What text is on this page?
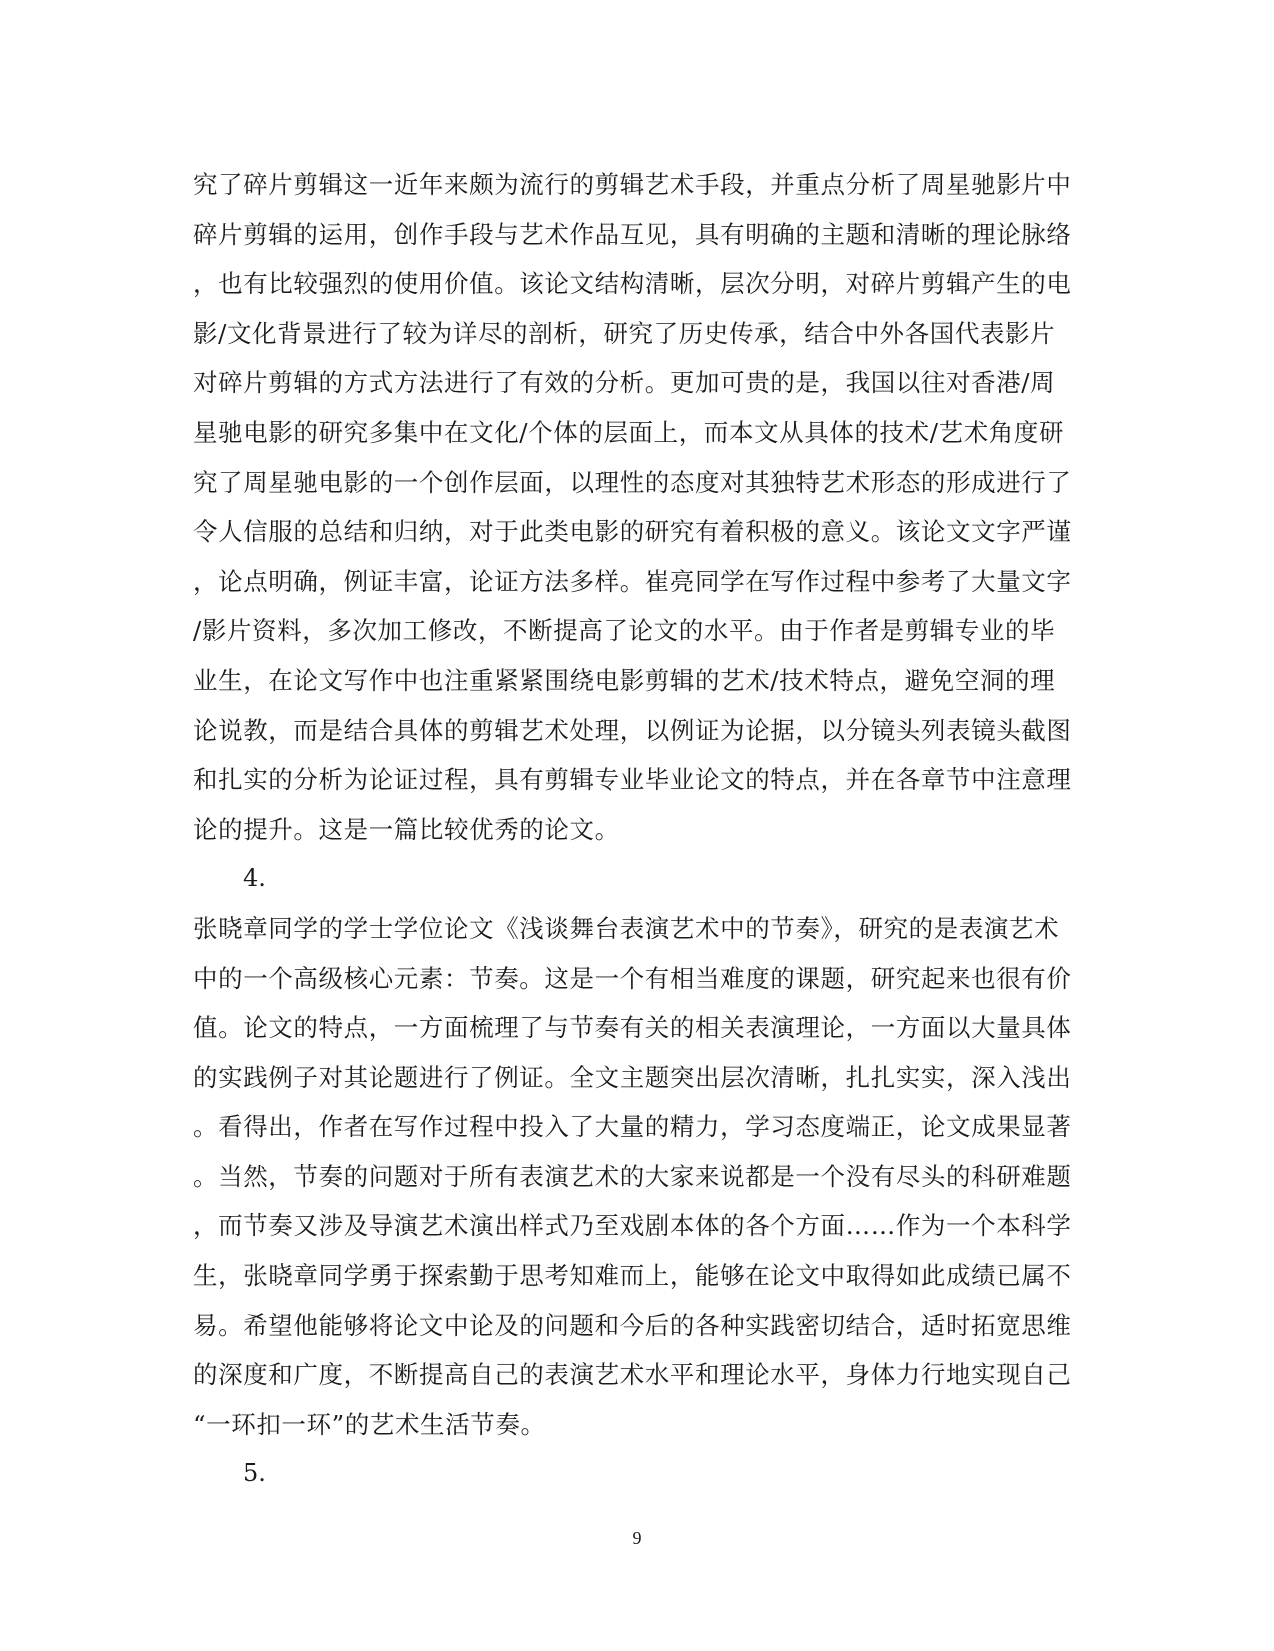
究了碎片剪辑这一近年来颇为流行的剪辑艺术手段，并重点分析了周星驰影片中
碎片剪辑的运用，创作手段与艺术作品互见，具有明确的主题和清晰的理论脉络
，也有比较强烈的使用价值。该论文结构清晰，层次分明，对碎片剪辑产生的电
影/文化背景进行了较为详尽的剖析，研究了历史传承，结合中外各国代表影片
对碎片剪辑的方式方法进行了有效的分析。更加可贵的是，我国以往对香港/周
星驰电影的研究多集中在文化/个体的层面上，而本文从具体的技术/艺术角度研
究了周星驰电影的一个创作层面，以理性的态度对其独特艺术形态的形成进行了
令人信服的总结和归纳，对于此类电影的研究有着积极的意义。该论文文字严谨
，论点明确，例证丰富，论证方法多样。崔亮同学在写作过程中参考了大量文字
/影片资料，多次加工修改，不断提高了论文的水平。由于作者是剪辑专业的毕
业生，在论文写作中也注重紧紧围绕电影剪辑的艺术/技术特点，避免空洞的理
论说教，而是结合具体的剪辑艺术处理，以例证为论据，以分镜头列表镜头截图
和扎实的分析为论证过程，具有剪辑专业毕业论文的特点，并在各章节中注意理
论的提升。这是一篇比较优秀的论文。
4.
张晓章同学的学士学位论文《浅谈舞台表演艺术中的节奏》，研究的是表演艺术
中的一个高级核心元素：节奏。这是一个有相当难度的课题，研究起来也很有价
值。论文的特点，一方面梳理了与节奏有关的相关表演理论，一方面以大量具体
的实践例子对其论题进行了例证。全文主题突出层次清晰，扎扎实实，深入浅出
。看得出，作者在写作过程中投入了大量的精力，学习态度端正，论文成果显著
。当然，节奏的问题对于所有表演艺术的大家来说都是一个没有尽头的科研难题
，而节奏又涉及导演艺术演出样式乃至戏剧本体的各个方面……作为一个本科学
生，张晓章同学勇于探索勤于思考知难而上，能够在论文中取得如此成绩已属不
易。希望他能够将论文中论及的问题和今后的各种实践密切结合，适时拓宽思维
的深度和广度，不断提高自己的表演艺术水平和理论水平，身体力行地实现自己
“一环扣一环”的艺术生活节奏。
5.
9
